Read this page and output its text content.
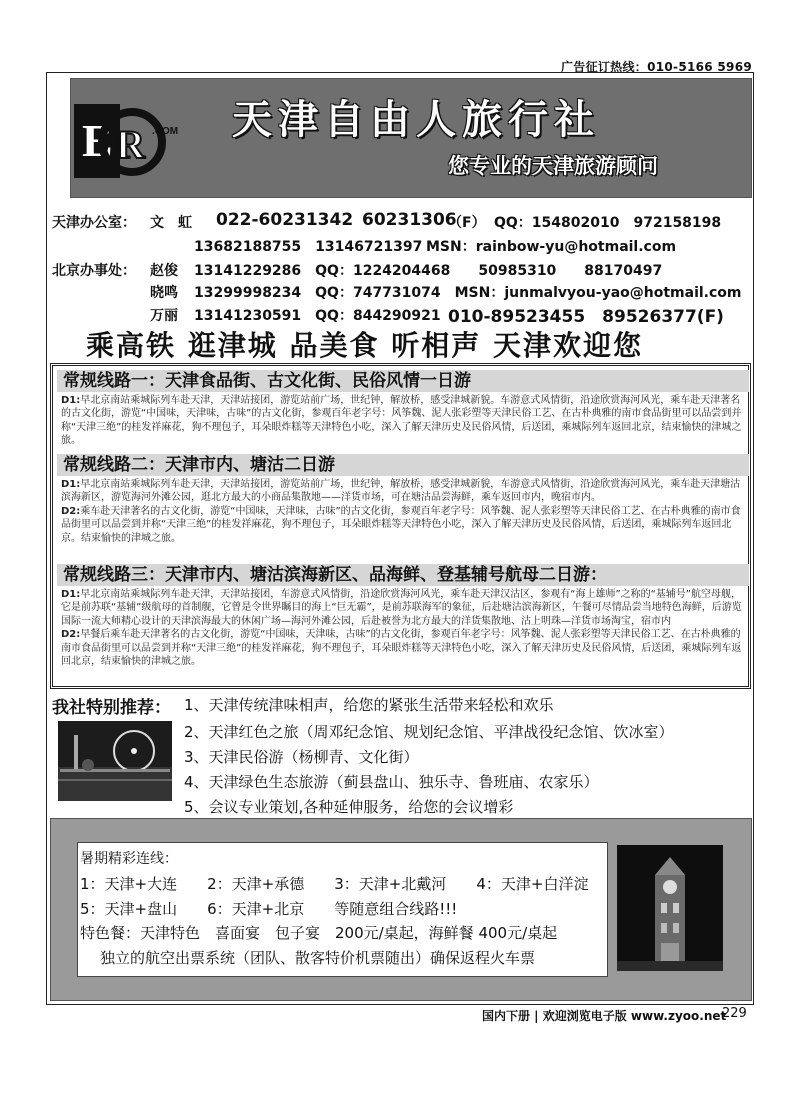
广告征订热线：010-5166 5969
E R .COM 天津自由人旅行社
您专业的天津旅游顾问
天津办公室： 文　虹 022-60231342 60231306
（F） QQ：154802010　972158198
13682188755　13146721397 MSN：rainbow-yu@hotmail.com
北京办事处： 赵俊 13141229286　QQ：1224204468　　50985310　　88170497
晓鸣 13299998234　QQ：747731074　MSN：junmalvyou-yao@hotmail.com
万丽 13141230591　QQ：844290921 010-89523455　89526377(F)
乘高铁 逛津城 品美食 听相声 天津欢迎您
常规线路一：天津食品街、古文化街、民俗风情一日游
D1:早北京南站乘城际列车赴天津，天津站接团，游览站前广场，世纪钟，解放桥，感受津城新貌。车游意式风情街，沿途欣赏海河风光，乘车赴天津著名的古文化街，游览“中国味，天津味，古味”的古文化街，参观百年老字号：风筝魏、泥人张彩塑等天津民俗工艺、在古朴典雅的南市食品街里可以品尝到并称“天津三绝”的桂发祥麻花，狗不理包子，耳朵眼炸糕等天津特色小吃，深入了解天津历史及民俗风情，后送团，乘城际列车返回北京，结束愉快的津城之旅。
常规线路二：天津市内、塘沽二日游
D1:早北京南站乘城际列车赴天津，天津站接团，游览站前广场，世纪钟，解放桥，感受津城新貌，车游意式风情街，沿途欣赏海河风光，乘车赴天津塘沽滨海新区，游览海河外滩公园，逛北方最大的小商品集散地——洋货市场，可在塘沽品尝海鲜，乘车返回市内，晚宿市内。
D2:乘车赴天津著名的古文化街，游览“中国味，天津味，古味”的古文化街，参观百年老字号：风筝魏、泥人张彩塑等天津民俗工艺、在古朴典雅的南市食品街里可以品尝到并称“天津三绝”的桂发祥麻花，狗不理包子，耳朵眼炸糕等天津特色小吃，深入了解天津历史及民俗风情，后送团，乘城际列车返回北京。结束愉快的津城之旅。
常规线路三：天津市内、塘沽滨海新区、品海鲜、登基辅号航母二日游：
D1:早北京南站乘城际列车赴天津，天津站接团，车游意式风情街，沿途欣赏海河风光，乘车赴天津汉沽区，参观有“海上雄师”之称的“基辅号”航空母舰，它是前苏联“基辅”级航母的首制舰，它曾是令世界瞩目的海上“巨无霸”，是前苏联海军的象征，后赴塘沽滨海新区，午餐可尽情品尝当地特色海鲜，后游览国际一流大师精心设计的天津滨海最大的休闲广场—海河外滩公园，后赴被誉为北方最大的洋货集散地、沽上明珠—洋货市场淘宝，宿市内
D2:早餐后乘车赴天津著名的古文化街，游览“中国味，天津味，古味”的古文化街，参观百年老字号：风筝魏、泥人张彩塑等天津民俗工艺、在古朴典雅的南市食品街里可以品尝到并称“天津三绝”的桂发祥麻花，狗不理包子，耳朵眼炸糕等天津特色小吃，深入了解天津历史及民俗风情，后送团，乘城际列车返回北京，结束愉快的津城之旅。
我社特别推荐： 1、天津传统津味相声，给您的紧张生活带来轻松和欢乐
2、天津红色之旅（周邓纪念馆、规划纪念馆、平津战役纪念馆、饮冰室）
3、天津民俗游（杨柳青、文化街）
4、天津绿色生态旅游（蓟县盘山、独乐寺、鲁班庙、农家乐）
5、会议专业策划,各种延伸服务，给您的会议增彩
暑期精彩连线：
1：天津+大连　　2：天津+承德　　3：天津+北戴河　　4：天津+白洋淀
5：天津+盘山　　6：天津+北京　　等随意组合线路!!!
特色餐：天津特色　喜面宴　包子宴　200元/桌起，海鲜餐 400元/桌起
独立的航空出票系统（团队、散客特价机票随出）确保返程火车票
国内下册 | 欢迎浏览电子版 www.zyoo.net
229
